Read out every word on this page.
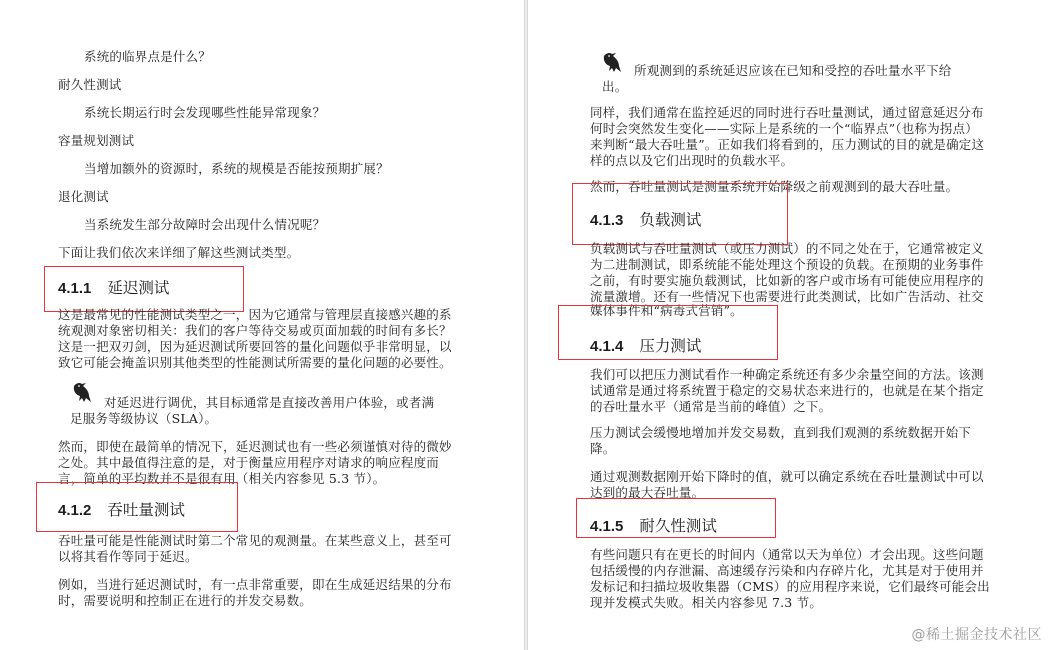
系统的临界点是什么？
耐久性测试
系统长期运行时会发现哪些性能异常现象？
容量规划测试
当增加额外的资源时，系统的规模是否能按预期扩展？
退化测试
当系统发生部分故障时会出现什么情况呢？
下面让我们依次来详细了解这些测试类型。
4.1.1 延迟测试
这是最常见的性能测试类型之一，因为它通常与管理层直接感兴趣的系
统观测对象密切相关：我们的客户等待交易或页面加载的时间有多长？
这是一把双刃剑，因为延迟测试所要回答的量化问题似乎非常明显，以
致它可能会掩盖识别其他类型的性能测试所需要的量化问题的必要性。
对延迟进行调优，其目标通常是直接改善用户体验，或者满
足服务等级协议（SLA）。
然而，即使在最简单的情况下，延迟测试也有一些必须谨慎对待的微妙
之处。其中最值得注意的是，对于衡量应用程序对请求的响应程度而
言，简单的平均数并不是很有用（相关内容参见 5.3 节）。
4.1.2 吞吐量测试
吞吐量可能是性能测试时第二个常见的观测量。在某些意义上，甚至可
以将其看作等同于延迟。
例如，当进行延迟测试时，有一点非常重要，即在生成延迟结果的分布
时，需要说明和控制正在进行的并发交易数。
所观测到的系统延迟应该在已知和受控的吞吐量水平下给
出。
同样，我们通常在监控延迟的同时进行吞吐量测试，通过留意延迟分布
何时会突然发生变化——实际上是系统的一个“临界点”（也称为拐点）
来判断“最大吞吐量”。正如我们将看到的，压力测试的目的就是确定这
样的点以及它们出现时的负载水平。
然而，吞吐量测试是测量系统开始降级之前观测到的最大吞吐量。
4.1.3 负载测试
负载测试与吞吐量测试（或压力测试）的不同之处在于，它通常被定义
为二进制测试，即系统能不能处理这个预设的负载。在预期的业务事件
之前，有时要实施负载测试，比如新的客户或市场有可能使应用程序的
流量激增。还有一些情况下也需要进行此类测试，比如广告活动、社交
媒体事件和“病毒式营销”。
4.1.4 压力测试
我们可以把压力测试看作一种确定系统还有多少余量空间的方法。该测
试通常是通过将系统置于稳定的交易状态来进行的，也就是在某个指定
的吞吐量水平（通常是当前的峰值）之下。
压力测试会缓慢地增加并发交易数，直到我们观测的系统数据开始下
降。
通过观测数据刚开始下降时的值，就可以确定系统在吞吐量测试中可以
达到的最大吞吐量。
4.1.5 耐久性测试
有些问题只有在更长的时间内（通常以天为单位）才会出现。这些问题
包括缓慢的内存泄漏、高速缓存污染和内存碎片化，尤其是对于使用并
发标记和扫描垃圾收集器（CMS）的应用程序来说，它们最终可能会出
现并发模式失败。相关内容参见 7.3 节。
@稀土掘金技术社区
